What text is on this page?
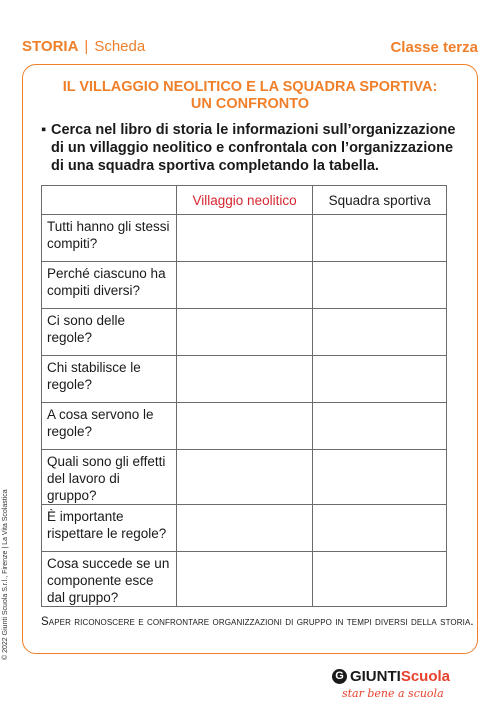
STORIA | Scheda	Classe terza
IL VILLAGGIO NEOLITICO E LA SQUADRA SPORTIVA:
UN CONFRONTO
▪ Cerca nel libro di storia le informazioni sull’organizzazione di un villaggio neolitico e confrontala con l’organizzazione di una squadra sportiva completando la tabella.
	Villaggio neolitico	Squadra sportiva
Tutti hanno gli stessi compiti?		
Perché ciascuno ha compiti diversi?		
Ci sono delle regole?		
Chi stabilisce le regole?		
A cosa servono le regole?		
Quali sono gli effetti del lavoro di gruppo?		
È importante rispettare le regole?		
Cosa succede se un componente esce dal gruppo?		
Saper riconoscere e confrontare organizzazioni di gruppo in tempi diversi della storia.
© 2022 Giunti Scuola S.r.l., Firenze | La Vita Scolastica
G GIUNTI Scuola
star bene a scuola
